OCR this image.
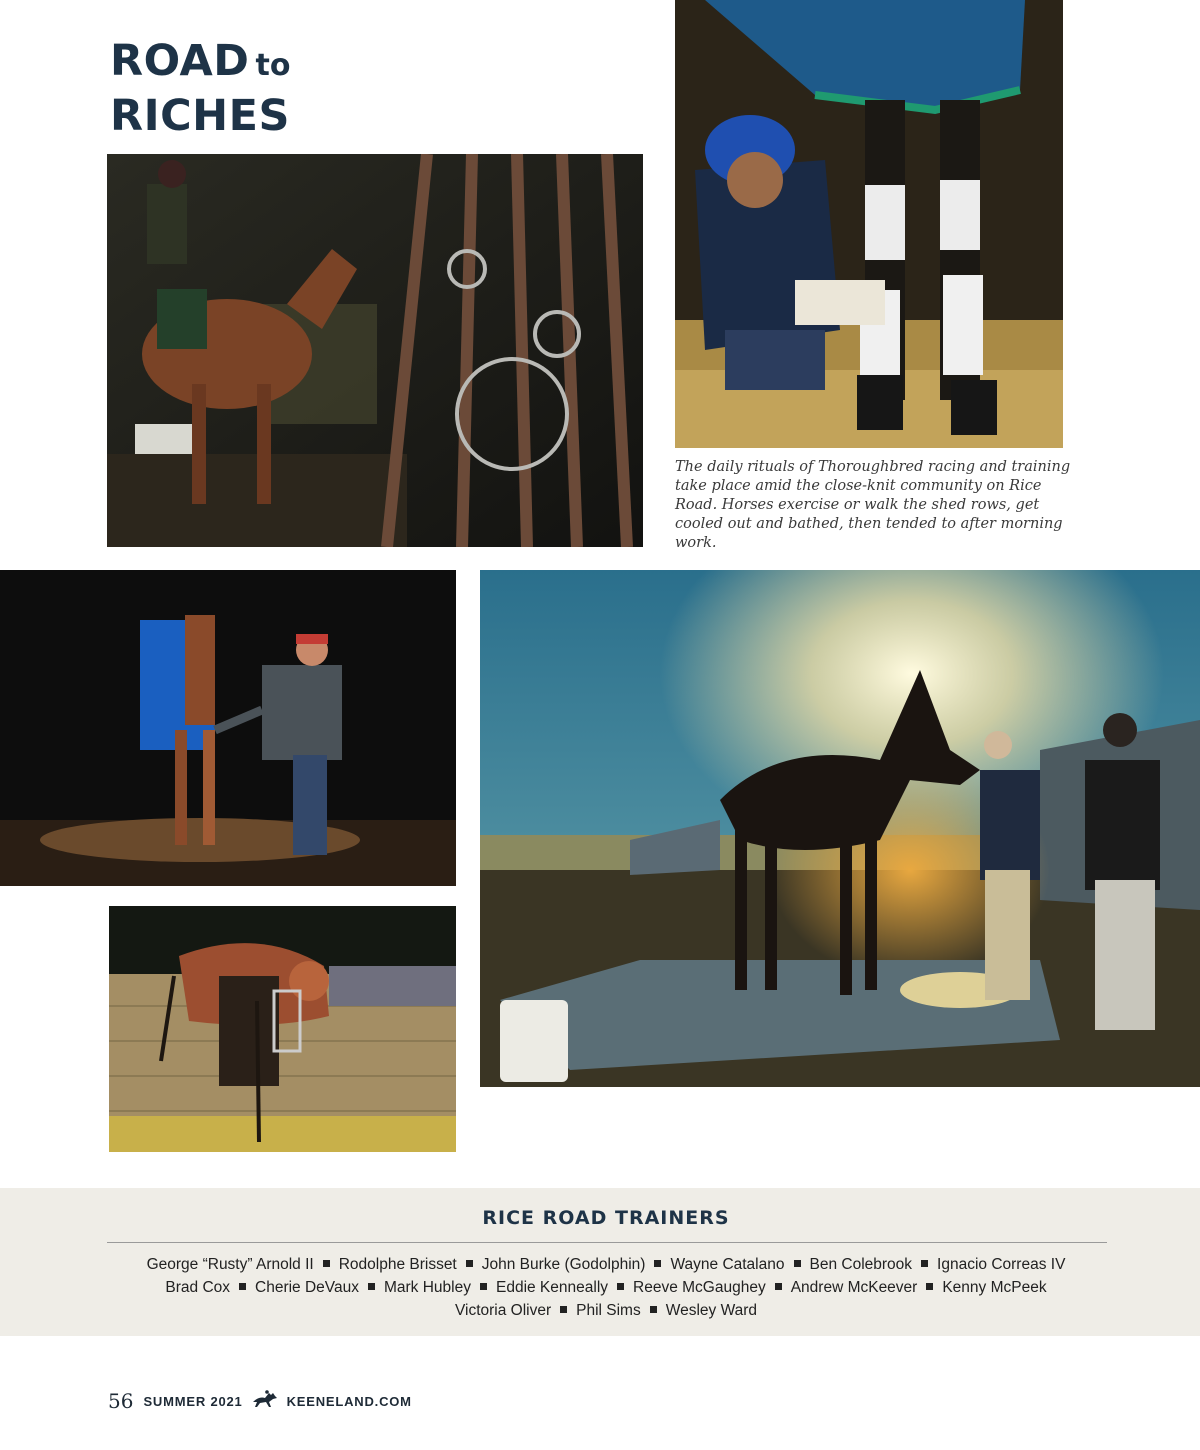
ROAD to
RICHES
The daily rituals of Thoroughbred racing and training take place amid the close-knit community on Rice Road. Horses exercise or walk the shed rows, get cooled out and bathed, then tended to after morning work.
RICE ROAD TRAINERS
George “Rusty” Arnold II Rodolphe Brisset John Burke (Godolphin) Wayne Catalano Ben Colebrook Ignacio Correas IV
Brad Cox Cherie DeVaux Mark Hubley Eddie Kenneally Reeve McGaughey Andrew McKeever Kenny McPeek
Victoria Oliver Phil Sims Wesley Ward
56 SUMMER 2021	KEENELAND.COM
